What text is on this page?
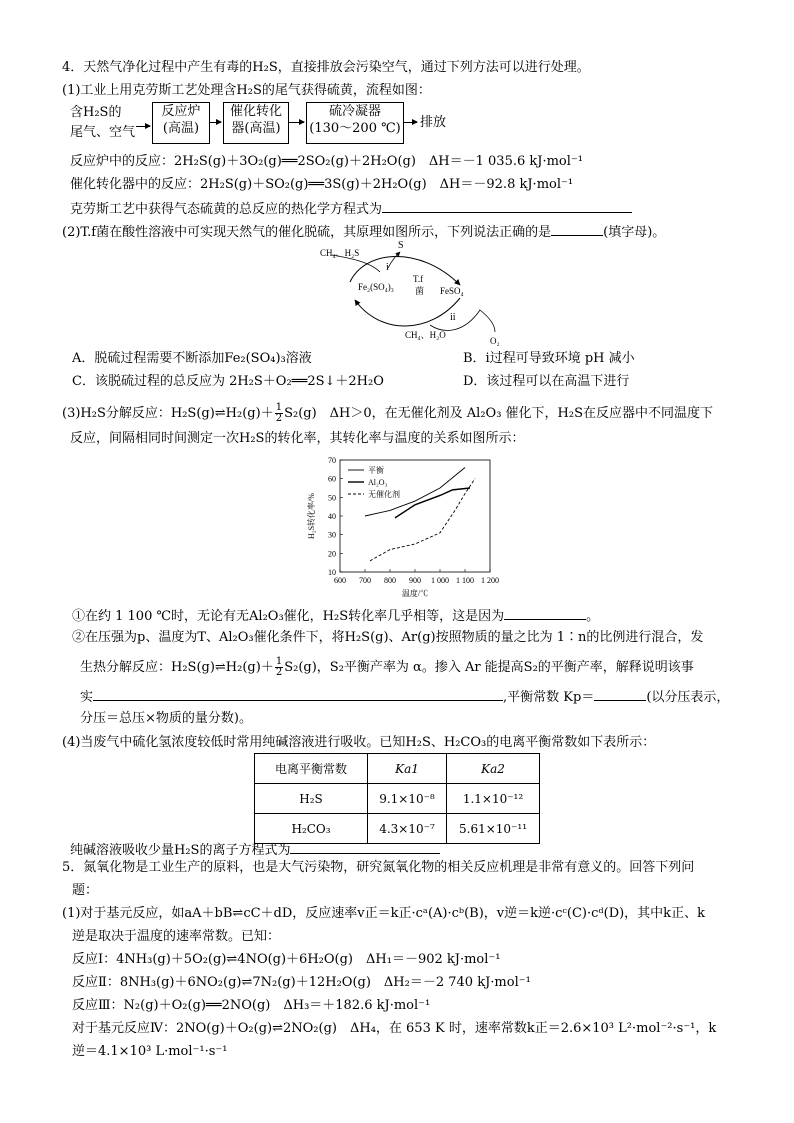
4．天然气净化过程中产生有毒的H₂S，直接排放会污染空气，通过下列方法可以进行处理。
(1)工业上用克劳斯工艺处理含H₂S的尾气获得硫黄，流程如图：
含H₂S的
尾气、空气
反应炉
(高温)
催化转化
器(高温)
硫冷凝器
(130～200 ℃) 排放
反应炉中的反应：2H₂S(g)＋3O₂(g)══2SO₂(g)＋2H₂O(g)　ΔH＝－1 035.6 kJ·mol⁻¹
催化转化器中的反应：2H₂S(g)＋SO₂(g)══3S(g)＋2H₂O(g)　ΔH＝－92.8 kJ·mol⁻¹
克劳斯工艺中获得气态硫黄的总反应的热化学方程式为
(2)T.f菌在酸性溶液中可实现天然气的催化脱硫，其原理如图所示，下列说法正确的是	(填字母)。
CH₄、H₂S
S
i
Fe₂(SO₄)₃
T.f
菌 FeSO₄
ii
CH₄、H₂O
O₂
A．脱硫过程需要不断添加Fe₂(SO₄)₃溶液	B．ⅰ过程可导致环境 pH 减小
C．该脱硫过程的总反应为 2H₂S＋O₂══2S↓＋2H₂O	D．该过程可以在高温下进行
(3)H₂S分解反应：H₂S(g)⇌H₂(g)＋ $\frac{1}{2} S_2(g)$　ΔH＞0，在无催化剂及 Al₂O₃ 催化下，H₂S在反应器中不同温度下
反应，间隔相同时间测定一次H₂S的转化率，其转化率与温度的关系如图所示：
600 700 800 900 1 000 1 100 1 200
10
20
30
40
50
60
70
温度/℃
H₂S转化率/%
平衡
Al₂O₃
无催化剂
①在约 1 100 ℃时，无论有无Al₂O₃催化，H₂S转化率几乎相等，这是因为	。
②在压强为p、温度为T、Al₂O₃催化条件下，将H₂S(g)、Ar(g)按照物质的量之比为 1∶n的比例进行混合，发
生热分解反应：H₂S(g)⇌H₂(g)＋ $\frac{1}{2} S_2(g)$，S₂平衡产率为 α。掺入 Ar 能提高S₂的平衡产率，解释说明该事
实	,平衡常数 Kp＝	(以分压表示，
分压＝总压×物质的量分数)。
(4)当废气中硫化氢浓度较低时常用纯碱溶液进行吸收。已知H₂S、H₂CO₃的电离平衡常数如下表所示：
电离平衡常数	Ka1	Ka2
H₂S	9.1×10⁻⁸	1.1×10⁻¹²
H₂CO₃	4.3×10⁻⁷	5.61×10⁻¹¹
纯碱溶液吸收少量H₂S的离子方程式为
5．氮氧化物是工业生产的原料，也是大气污染物，研究氮氧化物的相关反应机理是非常有意义的。回答下列问
题：
(1)对于基元反应，如aA＋bB⇌cC＋dD，反应速率v正＝k正·cᵃ(A)·cᵇ(B)，v逆＝k逆·cᶜ(C)·cᵈ(D)，其中k正、k
逆是取决于温度的速率常数。已知：
反应Ⅰ：4NH₃(g)＋5O₂(g)⇌4NO(g)＋6H₂O(g)　ΔH₁＝－902 kJ·mol⁻¹
反应Ⅱ：8NH₃(g)＋6NO₂(g)⇌7N₂(g)＋12H₂O(g)　ΔH₂＝－2 740 kJ·mol⁻¹
反应Ⅲ：N₂(g)＋O₂(g)══2NO(g)　ΔH₃＝＋182.6 kJ·mol⁻¹
对于基元反应Ⅳ：2NO(g)＋O₂(g)⇌2NO₂(g)　ΔH₄，在 653 K 时，速率常数k正＝2.6×10³ L²·mol⁻²·s⁻¹，k
逆＝4.1×10³ L·mol⁻¹·s⁻¹
